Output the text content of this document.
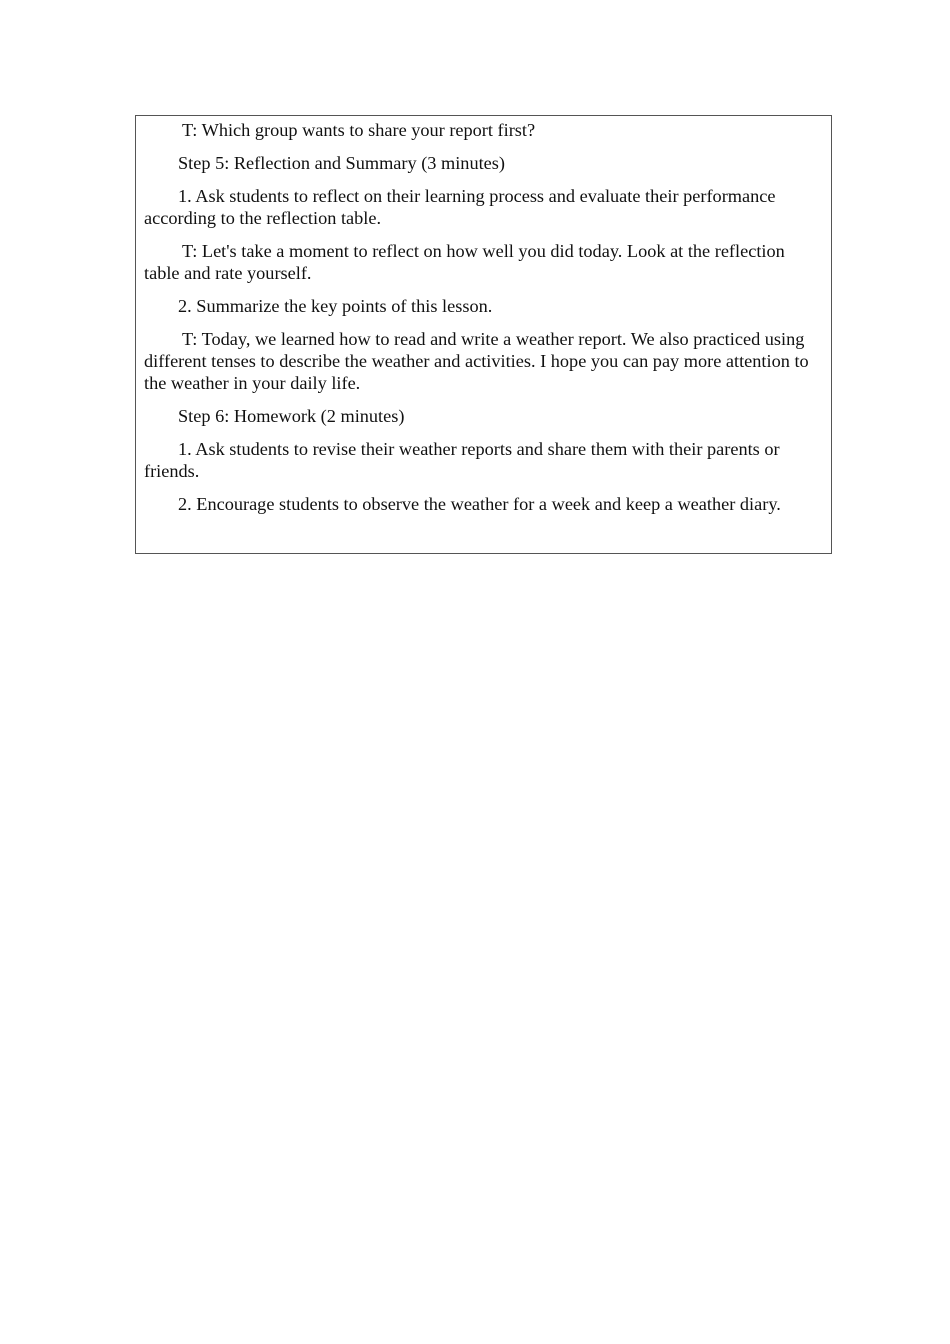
T: Which group wants to share your report first?

Step 5: Reflection and Summary (3 minutes)

1. Ask students to reflect on their learning process and evaluate their performance according to the reflection table.

T: Let's take a moment to reflect on how well you did today. Look at the reflection table and rate yourself.

2. Summarize the key points of this lesson.

T: Today, we learned how to read and write a weather report. We also practiced using different tenses to describe the weather and activities. I hope you can pay more attention to the weather in your daily life.

Step 6: Homework (2 minutes)

1. Ask students to revise their weather reports and share them with their parents or friends.

2. Encourage students to observe the weather for a week and keep a weather diary.
